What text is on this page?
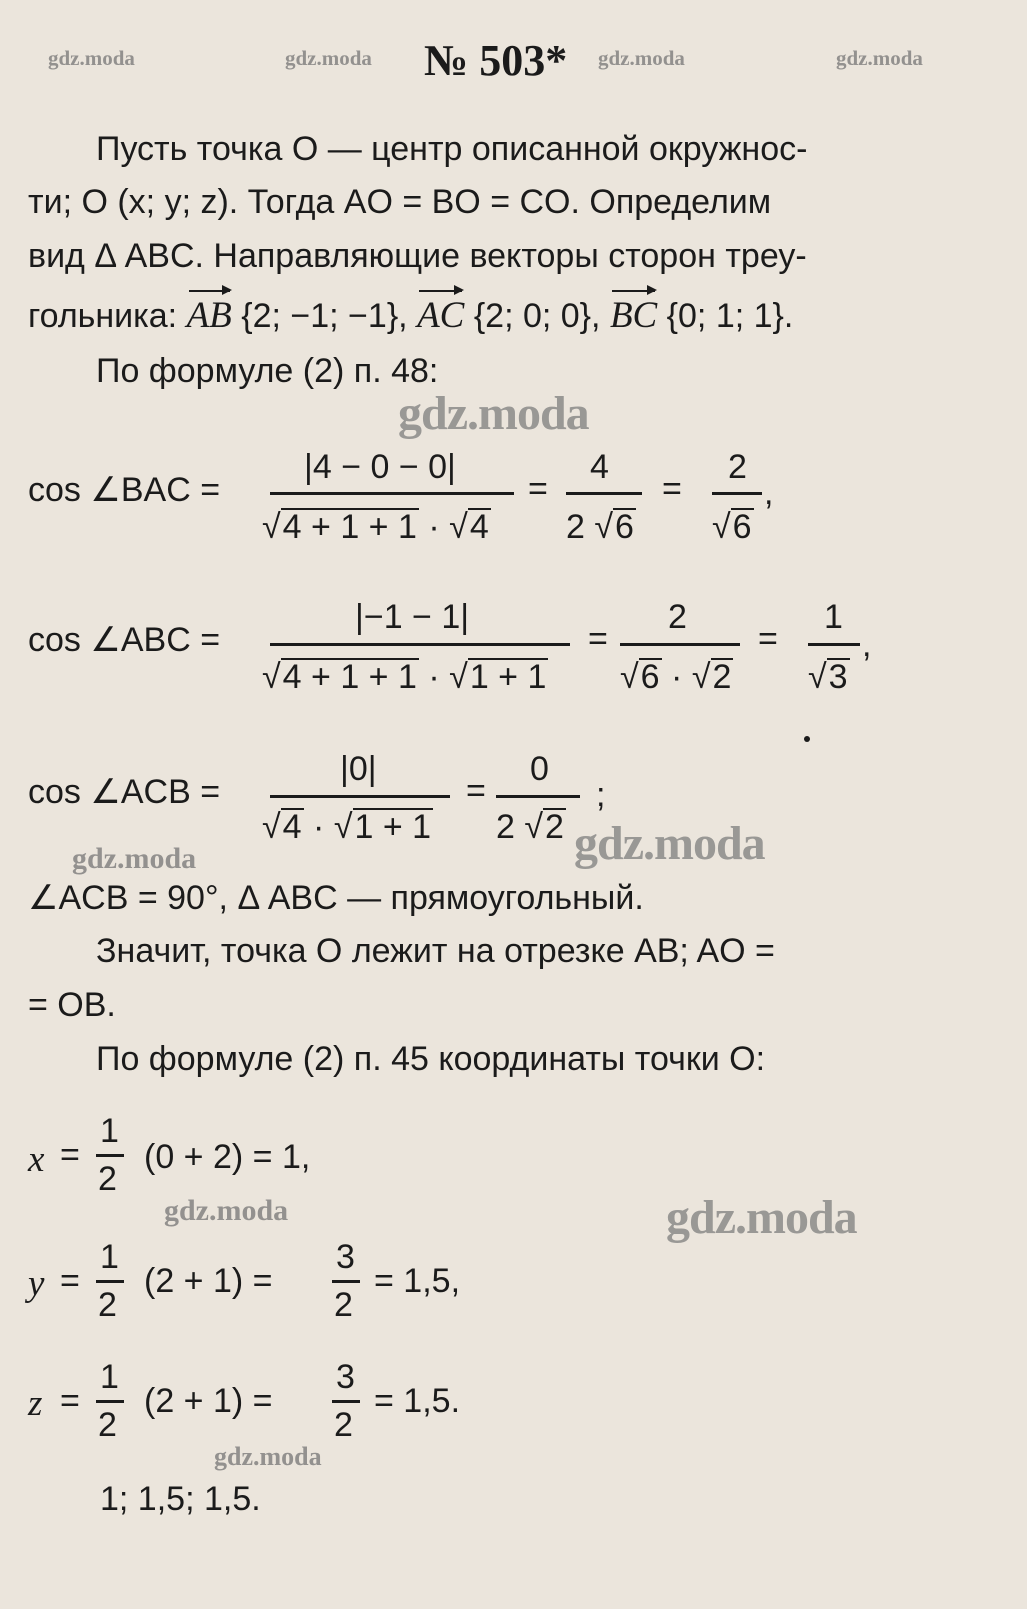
gdz.moda	gdz.moda	gdz.moda	gdz.moda
№ 503*
Пусть точка O — центр описанной окружнос-
ти; O (x; y; z). Тогда AO = BO = CO. Определим
вид Δ ABC. Направляющие векторы сторон треу-
гольника: AB {2; −1; −1}, AC {2; 0; 0}, BC {0; 1; 1}.
По формуле (2) п. 48:
gdz.moda
cos ∠BAC =
|4 − 0 − 0|
√4 + 1 + 1 · √4
=
4
2 √6
=
2
√6
,
cos ∠ABC =
|−1 − 1|
√4 + 1 + 1 · √1 + 1
=
2
√6 · √2
=
1
√3
,
cos ∠ACB =
|0|
√4 · √1 + 1
=
0
2 √2
;
gdz.moda
gdz.moda
∠ACB = 90°, Δ ABC — прямоугольный.
Значит, точка O лежит на отрезке AB; AO =
= OB.
По формуле (2) п. 45 координаты точки O:
x =
1
2
(0 + 2) = 1,
gdz.moda	gdz.moda
y =
1
2
(2 + 1) =
3
2
= 1,5,
z =
1
2
(2 + 1) =
3
2
= 1,5.
gdz.moda
1; 1,5; 1,5.
